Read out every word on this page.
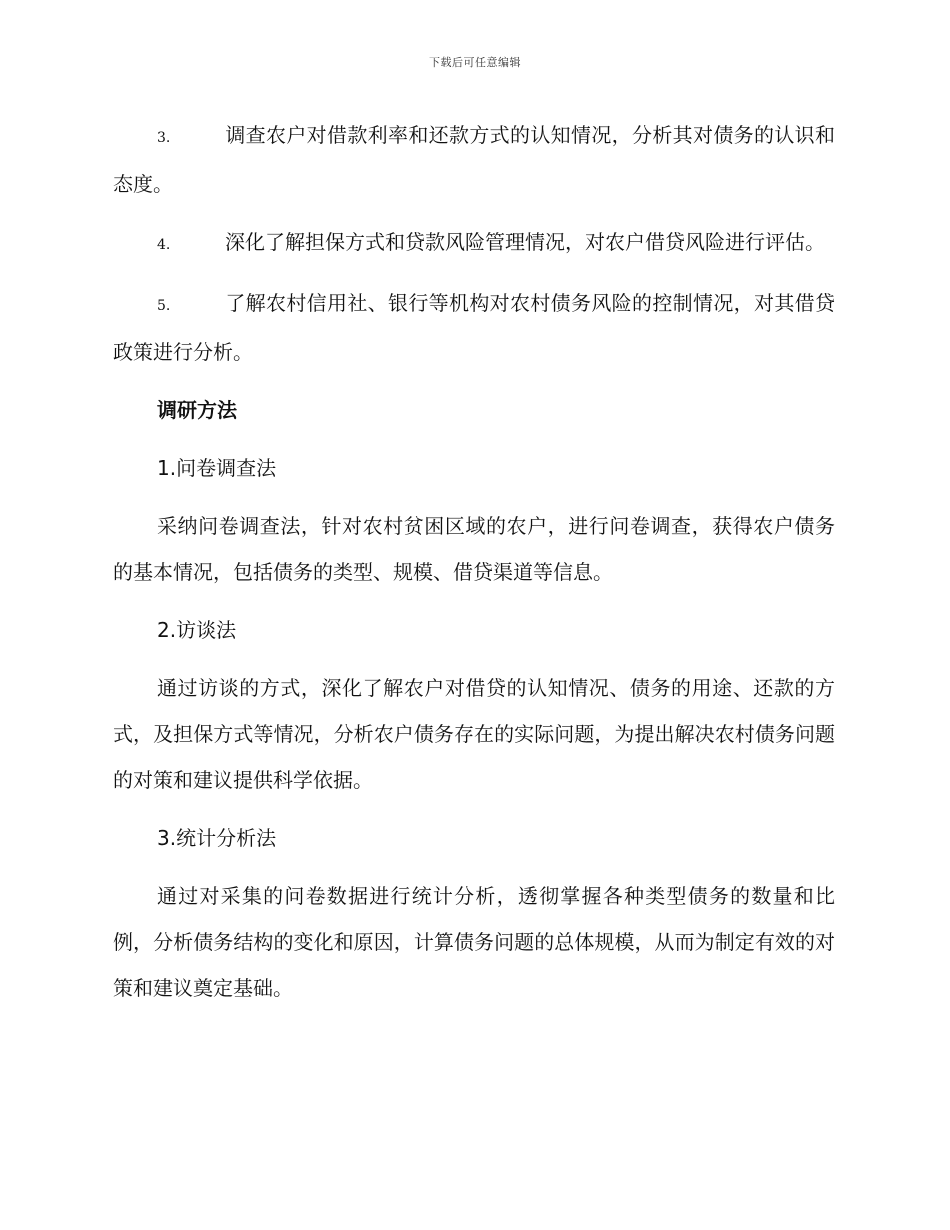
下载后可任意编辑

3.	调查农户对借款利率和还款方式的认知情况，分析其对债务的认识和态度。

4.	深化了解担保方式和贷款风险管理情况，对农户借贷风险进行评估。

5.	了解农村信用社、银行等机构对农村债务风险的控制情况，对其借贷政策进行分析。

调研方法
1.问卷调查法

采纳问卷调查法，针对农村贫困区域的农户，进行问卷调查，获得农户债务的基本情况，包括债务的类型、规模、借贷渠道等信息。

2.访谈法

通过访谈的方式，深化了解农户对借贷的认知情况、债务的用途、还款的方式，及担保方式等情况，分析农户债务存在的实际问题，为提出解决农村债务问题的对策和建议提供科学依据。

3.统计分析法

通过对采集的问卷数据进行统计分析，透彻掌握各种类型债务的数量和比例，分析债务结构的变化和原因，计算债务问题的总体规模，从而为制定有效的对策和建议奠定基础。
